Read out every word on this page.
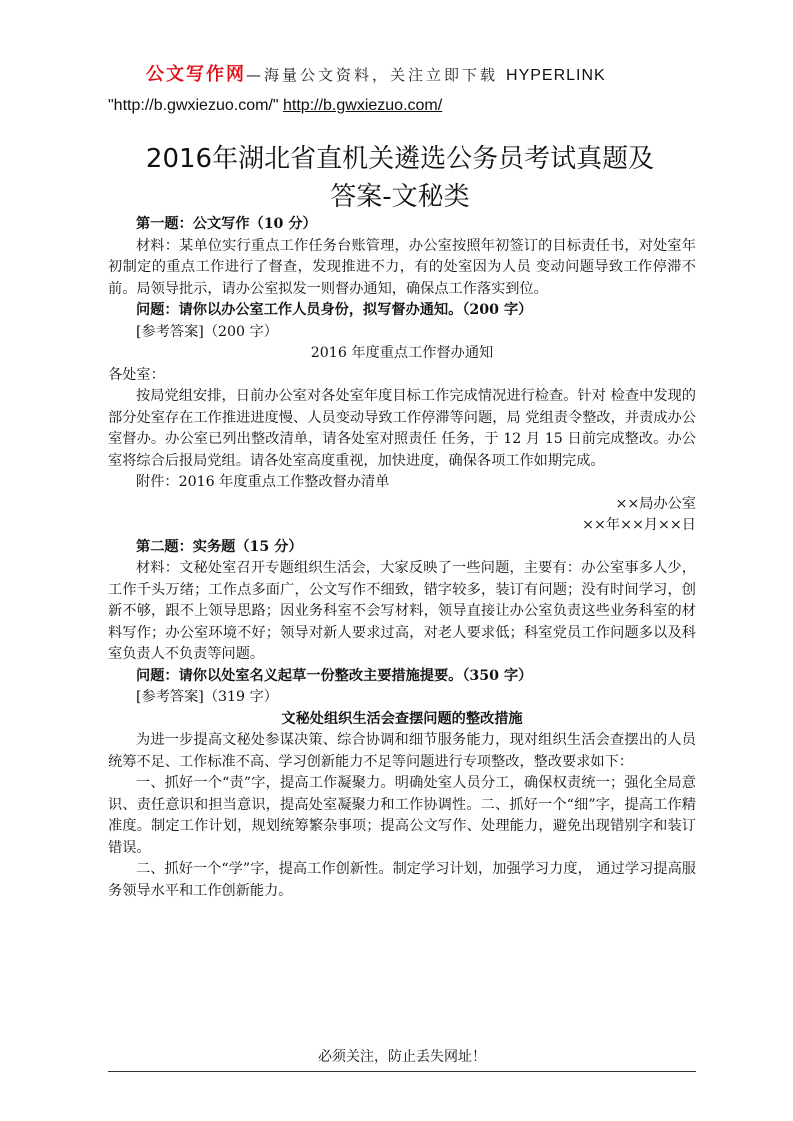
公文写作网—海量公文资料，关注立即下载 HYPERLINK
"http://b.gwxiezuo.com/" http://b.gwxiezuo.com/
2016年湖北省直机关遴选公务员考试真题及
答案-文秘类

第一题：公文写作（10 分）

材料：某单位实行重点工作任务台账管理，办公室按照年初签订的目标责任书，对处室年初制定的重点工作进行了督查，发现推进不力，有的处室因为人员 变动问题导致工作停滞不前。局领导批示，请办公室拟发一则督办通知，确保点工作落实到位。

问题：请你以办公室工作人员身份，拟写督办通知。（200 字）

[参考答案]（200 字）

2016 年度重点工作督办通知

各处室：

按局党组安排，日前办公室对各处室年度目标工作完成情况进行检查。针对 检查中发现的部分处室存在工作推进进度慢、人员变动导致工作停滞等问题，局 党组责令整改，并责成办公室督办。办公室已列出整改清单，请各处室对照责任 任务，于 12 月 15 日前完成整改。办公室将综合后报局党组。请各处室高度重视，加快进度，确保各项工作如期完成。

附件：2016 年度重点工作整改督办清单

××局办公室

××年××月××日

第二题：实务题（15 分）

材料：文秘处室召开专题组织生活会，大家反映了一些问题，主要有：办公室事多人少，工作千头万绪；工作点多面广，公文写作不细致，错字较多，装订有问题；没有时间学习，创新不够，跟不上领导思路；因业务科室不会写材料，领导直接让办公室负责这些业务科室的材料写作；办公室环境不好；领导对新人要求过高，对老人要求低；科室党员工作问题多以及科室负责人不负责等问题。

问题：请你以处室名义起草一份整改主要措施提要。（350 字）

[参考答案]（319 字）

文秘处组织生活会查摆问题的整改措施

为进一步提高文秘处参谋决策、综合协调和细节服务能力，现对组织生活会查摆出的人员统筹不足、工作标准不高、学习创新能力不足等问题进行专项整改，整改要求如下：

一、抓好一个“责”字，提高工作凝聚力。明确处室人员分工，确保权责统一；强化全局意识、责任意识和担当意识，提高处室凝聚力和工作协调性。二、抓好一个“细”字，提高工作精准度。制定工作计划，规划统筹繁杂事项；提高公文写作、处理能力，避免出现错别字和装订错误。

二、抓好一个“学”字，提高工作创新性。制定学习计划，加强学习力度， 通过学习提高服务领导水平和工作创新能力。

必须关注，防止丢失网址！
